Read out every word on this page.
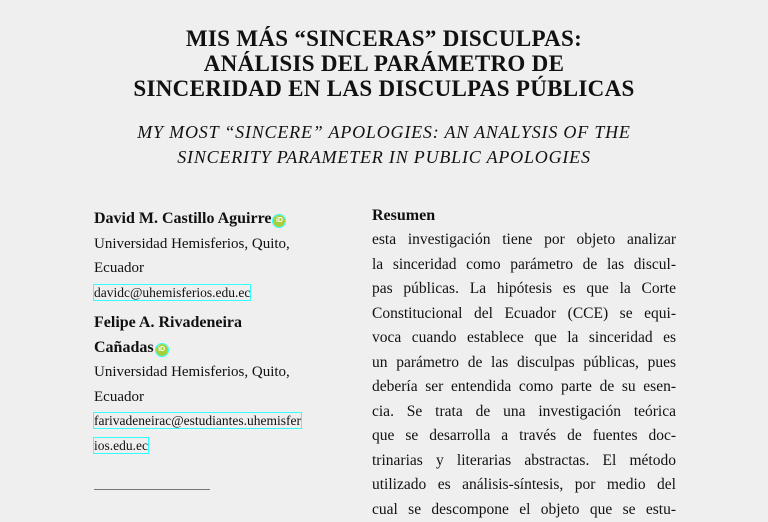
MIS MÁS “SINCERAS” DISCULPAS:
ANÁLISIS DEL PARÁMETRO DE
SINCERIDAD EN LAS DISCULPAS PÚBLICAS
MY MOST “SINCERE” APOLOGIES: AN ANALYSIS OF THE
SINCERITY PARAMETER IN PUBLIC APOLOGIES
David M. Castillo Aguirre iD
Universidad Hemisferios, Quito,
Ecuador
davidc@uhemisferios.edu.ec
Felipe A. Rivadeneira
Cañadas iD
Universidad Hemisferios, Quito,
Ecuador
farivadeneirac@estudiantes.uhemisfer
ios.edu.ec
Resumen
esta investigación tiene por objeto analizar
la sinceridad como parámetro de las discul-
pas públicas. La hipótesis es que la Corte
Constitucional del Ecuador (CCE) se equi-
voca cuando establece que la sinceridad es
un parámetro de las disculpas públicas, pues
debería ser entendida como parte de su esen-
cia. Se trata de una investigación teórica
que se desarrolla a través de fuentes doc-
trinarias y literarias abstractas. El método
utilizado es análisis-síntesis, por medio del
cual se descompone el objeto que se estu-
